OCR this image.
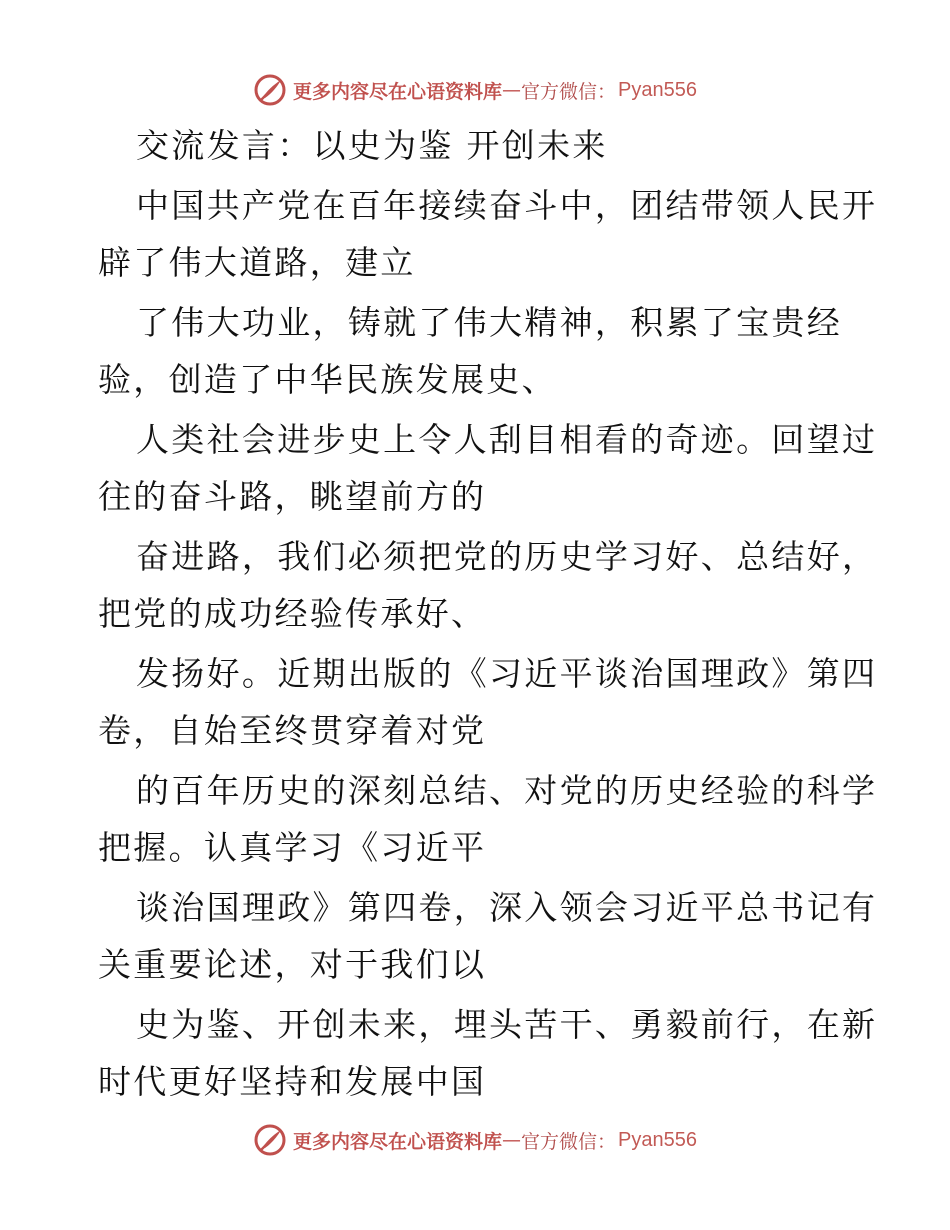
更多内容尽在心语资料库 — 官方微信： Pyan556
交流发言：以史为鉴 开创未来
中国共产党在百年接续奋斗中，团结带领人民开
辟了伟大道路，建立
了伟大功业，铸就了伟大精神，积累了宝贵经
验，创造了中华民族发展史、
人类社会进步史上令人刮目相看的奇迹。回望过
往的奋斗路，眺望前方的
奋进路，我们必须把党的历史学习好、总结好，
把党的成功经验传承好、
发扬好。近期出版的《习近平谈治国理政》第四
卷，自始至终贯穿着对党
的百年历史的深刻总结、对党的历史经验的科学
把握。认真学习《习近平
谈治国理政》第四卷，深入领会习近平总书记有
关重要论述，对于我们以
史为鉴、开创未来，埋头苦干、勇毅前行，在新
时代更好坚持和发展中国
更多内容尽在心语资料库 — 官方微信： Pyan556
